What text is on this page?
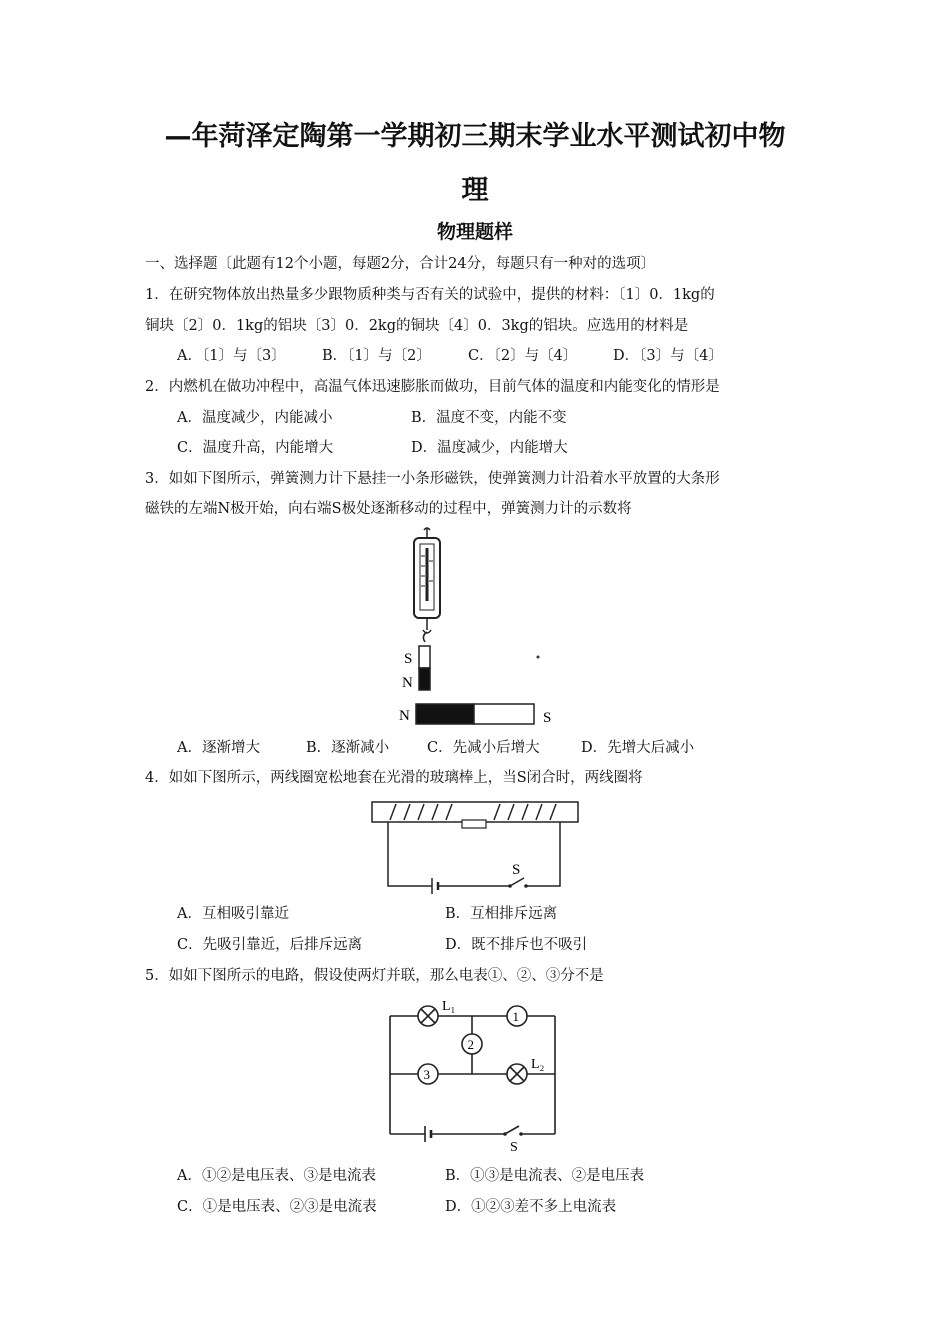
—年菏泽定陶第一学期初三期末学业水平测试初中物
理
物理题样
一、选择题〔此题有12个小题，每题2分，合计24分，每题只有一种对的选项〕
1．在研究物体放出热量多少跟物质种类与否有关的试验中，提供的材料：〔1〕0．1kg的
铜块〔2〕0．1kg的铝块〔3〕0．2kg的铜块〔4〕0．3kg的铝块。应选用的材料是
A．〔1〕与〔3〕	B．〔1〕与〔2〕	C．〔2〕与〔4〕 D．〔3〕与〔4〕
2．内燃机在做功冲程中，高温气体迅速膨胀而做功，目前气体的温度和内能变化的情形是
A．温度减少，内能减小	B．温度不变，内能不变
C．温度升高，内能增大	D．温度减少，内能增大
3．如如下图所示，弹簧测力计下悬挂一小条形磁铁，使弹簧测力计沿着水平放置的大条形
磁铁的左端N极开始，向右端S极处逐渐移动的过程中，弹簧测力计的示数将
S
N
N	S
A．逐渐增大	B．逐渐减小	C．先减小后增大	D．先增大后减小
4．如如下图所示，两线圈宽松地套在光滑的玻璃棒上，当S闭合时，两线圈将
S
A．互相吸引靠近	B．互相排斥远离
C．先吸引靠近，后排斥远离	D．既不排斥也不吸引
5．如如下图所示的电路，假设使两灯并联，那么电表①、②、③分不是
L₁
1
2
3
L₂
S
A．①②是电压表、③是电流表	B．①③是电流表、②是电压表
C．①是电压表、②③是电流表	D．①②③差不多上电流表
